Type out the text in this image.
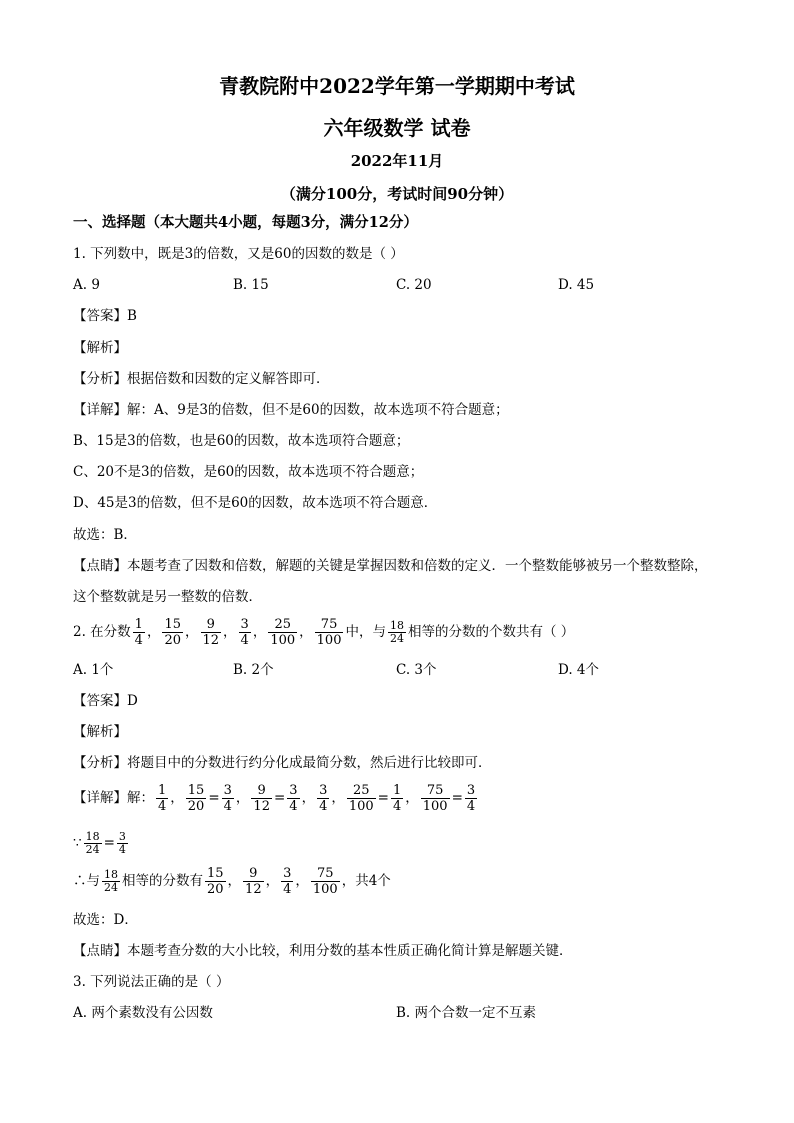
青教院附中2022学年第一学期期中考试
六年级数学 试卷
2022年11月
（满分100分，考试时间90分钟）
一、选择题（本大题共4小题，每题3分，满分12分）
1. 下列数中，既是3的倍数，又是60的因数的数是（ ）
A. 9	B. 15	C. 20	D. 45
【答案】B
【解析】
【分析】根据倍数和因数的定义解答即可．
【详解】解：A、9是3的倍数，但不是60的因数，故本选项不符合题意；
B、15是3的倍数，也是60的因数，故本选项符合题意；
C、20不是3的倍数，是60的因数，故本选项不符合题意；
D、45是3的倍数，但不是60的因数，故本选项不符合题意．
故选：B．
【点睛】本题考查了因数和倍数，解题的关键是掌握因数和倍数的定义．一个整数能够被另一个整数整除，
这个整数就是另一整数的倍数．
2. 在分数 $\frac{1}{4}$ ， $\frac{15}{20}$ ， $\frac{9}{12}$ ， $\frac{3}{4}$ ， $\frac{25}{100}$ ， $\frac{75}{100}$ 中，与 $\frac{18}{24}$ 相等的分数的个数共有（ ）
A. 1个	B. 2个	C. 3个	D. 4个
【答案】D
【解析】
【分析】将题目中的分数进行约分化成最简分数，然后进行比较即可．
【详解】解： $\frac{1}{4}$ ， $\frac{15}{20} = \frac{3}{4}$ ， $\frac{9}{12} = \frac{3}{4}$ ， $\frac{3}{4}$ ， $\frac{25}{100} = \frac{1}{4}$ ， $\frac{75}{100} = \frac{3}{4}$
∵ $\frac{18}{24} = \frac{3}{4}$
∴与 $\frac{18}{24}$ 相等的分数有 $\frac{15}{20}$ ， $\frac{9}{12}$ ， $\frac{3}{4}$ ， $\frac{75}{100}$ ，共4个
故选：D．
【点睛】本题考查分数的大小比较，利用分数的基本性质正确化简计算是解题关键．
3. 下列说法正确的是（ ）
A. 两个素数没有公因数	B. 两个合数一定不互素
